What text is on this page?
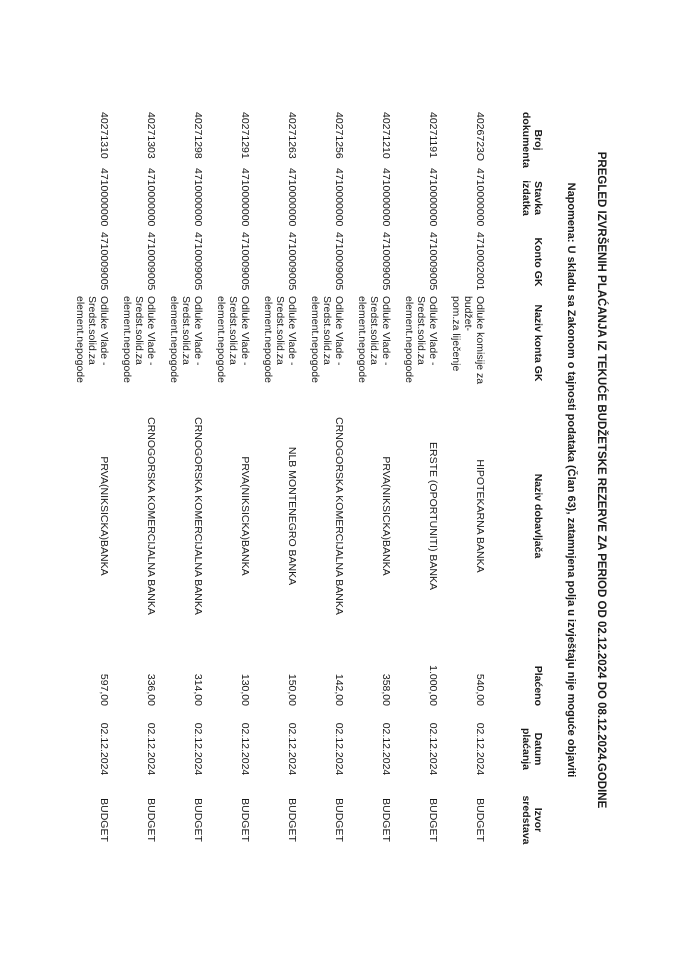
PREGLED IZVRŠENIH PLAĆANJA IZ TEKUĆE BUDŽETSKE REZERVE ZA PERIOD OD 02.12.2024 DO 08.12.2024.GODINE
Napomena: U skladu sa Zakonom o tajnosti podataka (Član 63), zatamnjena polja u izvještaju nije moguće objaviti
Broj dokumenta
Stavka izdatka
Konto GK
Naziv konta GK
Naziv dobavljača
Plaćeno
Datum plaćanja
Izvor sredstava
4026723O
4710000000
4710002001
Odluke komisije za budžet-
pom.za liječenje
HIPOTEKARNA BANKA
540,00
02.12.2024
BUDGET
40271191
4710000000
4710009005
Odluke Vlade -
Sredst.solid.za
element.nepogode
ERSTE (OPORTUNITI) BANKA
1.000,00
02.12.2024
BUDGET
40271210
4710000000
4710009005
Odluke Vlade -
Sredst.solid.za
element.nepogode
PRVA(NIKSICKA)BANKA
358,00
02.12.2024
BUDGET
40271256
4710000000
4710009005
Odluke Vlade -
Sredst.solid.za
element.nepogode
CRNOGORSKA KOMERCIJALNA BANKA
142,00
02.12.2024
BUDGET
40271263
4710000000
4710009005
Odluke Vlade -
Sredst.solid.za
element.nepogode
NLB MONTENEGRO BANKA
150,00
02.12.2024
BUDGET
40271291
4710000000
4710009005
Odluke Vlade -
Sredst.solid.za
element.nepogode
PRVA(NIKSICKA)BANKA
130,00
02.12.2024
BUDGET
40271298
4710000000
4710009005
Odluke Vlade -
Sredst.solid.za
element.nepogode
CRNOGORSKA KOMERCIJALNA BANKA
314,00
02.12.2024
BUDGET
40271303
4710000000
4710009005
Odluke Vlade -
Sredst.solid.za
element.nepogode
CRNOGORSKA KOMERCIJALNA BANKA
336,00
02.12.2024
BUDGET
40271310
4710000000
4710009005
Odluke Vlade -
Sredst.solid.za
element.nepogode
PRVA(NIKSICKA)BANKA
597,00
02.12.2024
BUDGET
